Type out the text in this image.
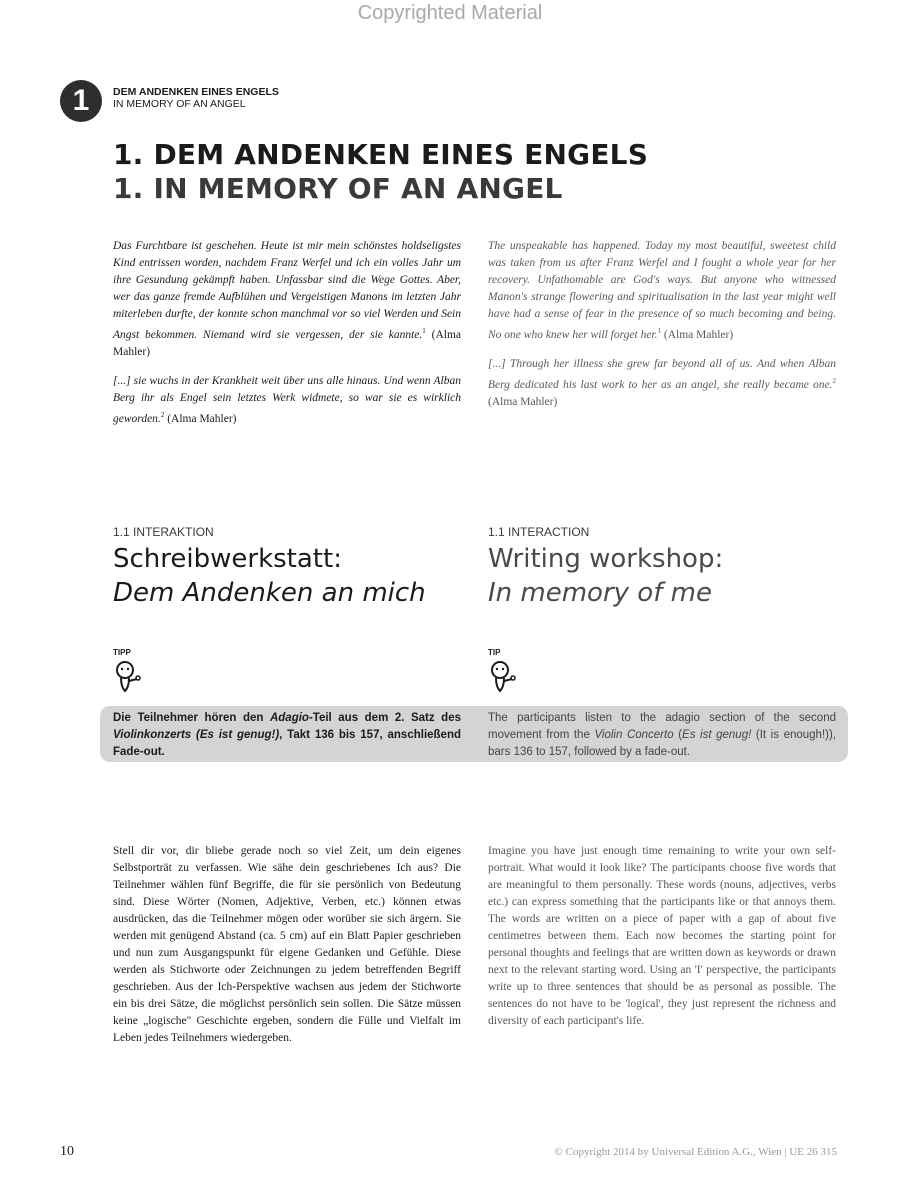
Copyrighted Material
1	DEM ANDENKEN EINES ENGELS
IN MEMORY OF AN ANGEL
1. DEM ANDENKEN EINES ENGELS
1. IN MEMORY OF AN ANGEL

Das Furchtbare ist geschehen. Heute ist mir mein schönstes holdseligstes Kind entrissen worden, nachdem Franz Werfel und ich ein volles Jahr um ihre Gesundung gekämpft haben. Unfassbar sind die Wege Gottes. Aber, wer das ganze fremde Aufblühen und Vergeistigen Manons im letzten Jahr miterleben durfte, der konnte schon manchmal vor so viel Werden und Sein Angst bekommen. Niemand wird sie vergessen, der sie kannte.$^1$ (Alma Mahler)

[...] sie wuchs in der Krankheit weit über uns alle hinaus. Und wenn Alban Berg ihr als Engel sein letztes Werk widmete, so war sie es wirklich geworden.$^2$ (Alma Mahler)

The unspeakable has happened. Today my most beautiful, sweetest child was taken from us after Franz Werfel and I fought a whole year for her recovery. Unfathomable are God's ways. But anyone who witnessed Manon's strange flowering and spiritualisation in the last year might well have had a sense of fear in the presence of so much becoming and being. No one who knew her will forget her.$^1$ (Alma Mahler)

[...] Through her illness she grew far beyond all of us. And when Alban Berg dedicated his last work to her as an angel, she really became one.$^2$ (Alma Mahler)

1.1 INTERAKTION
Schreibwerkstatt:
Dem Andenken an mich
1.1 INTERACTION
Writing workshop:
In memory of me
TIPP	TIP
Die Teilnehmer hören den Adagio-Teil aus dem 2. Satz des Violinkonzerts (Es ist genug!), Takt 136 bis 157, anschließend Fade-out.
The participants listen to the adagio section of the second movement from the Violin Concerto (Es ist genug! (It is enough!)), bars 136 to 157, followed by a fade-out.
Stell dir vor, dir bliebe gerade noch so viel Zeit, um dein eigenes Selbstporträt zu verfassen. Wie sähe dein geschriebenes Ich aus? Die Teilnehmer wählen fünf Begriffe, die für sie persönlich von Bedeutung sind. Diese Wörter (Nomen, Adjektive, Verben, etc.) können etwas ausdrücken, das die Teilnehmer mögen oder worüber sie sich ärgern. Sie werden mit genügend Abstand (ca. 5 cm) auf ein Blatt Papier geschrieben und nun zum Ausgangspunkt für eigene Gedanken und Gefühle. Diese werden als Stichworte oder Zeichnungen zu jedem betreffenden Begriff geschrieben. Aus der Ich-Perspektive wachsen aus jedem der Stichworte ein bis drei Sätze, die möglichst persönlich sein sollen. Die Sätze müssen keine „logische" Geschichte ergeben, sondern die Fülle und Vielfalt im Leben jedes Teilnehmers wiedergeben.
Imagine you have just enough time remaining to write your own self-portrait. What would it look like? The participants choose five words that are meaningful to them personally. These words (nouns, adjectives, verbs etc.) can express something that the participants like or that annoys them. The words are written on a piece of paper with a gap of about five centimetres between them. Each now becomes the starting point for personal thoughts and feelings that are written down as keywords or drawn next to the relevant starting word. Using an 'I' perspective, the participants write up to three sentences that should be as personal as possible. The sentences do not have to be 'logical', they just represent the richness and diversity of each participant's life.
10	© Copyright 2014 by Universal Edition A.G., Wien | UE 26 315
